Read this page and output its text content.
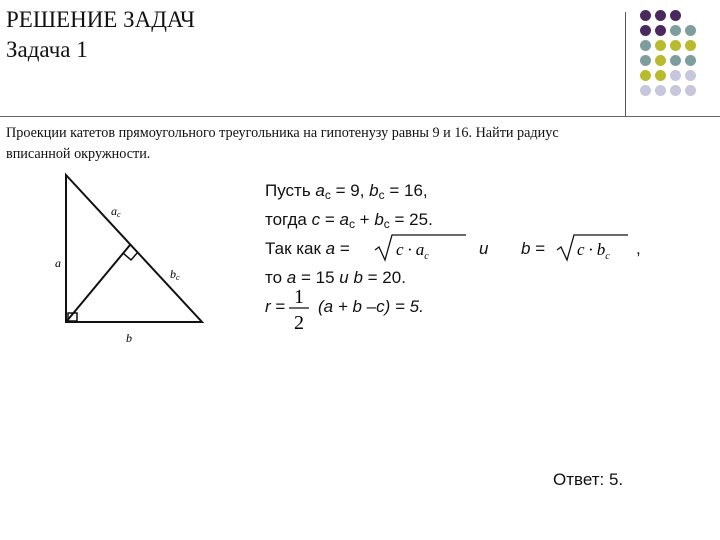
РЕШЕНИЕ ЗАДАЧ
Задача 1
Проекции катетов прямоугольного треугольника на гипотенузу равны 9 и 16. Найти радиус
вписанной окружности.
ac
a
bc
b
Пусть ac = 9, bc = 16,
тогда c = ac + bc = 25.
Так как a =	$c \cdot a_c$	и $b = c \cdot b_c$ ,
то a = 15 и b = 20.
r = 1
2
(a + b –c) = 5.
Ответ: 5.
